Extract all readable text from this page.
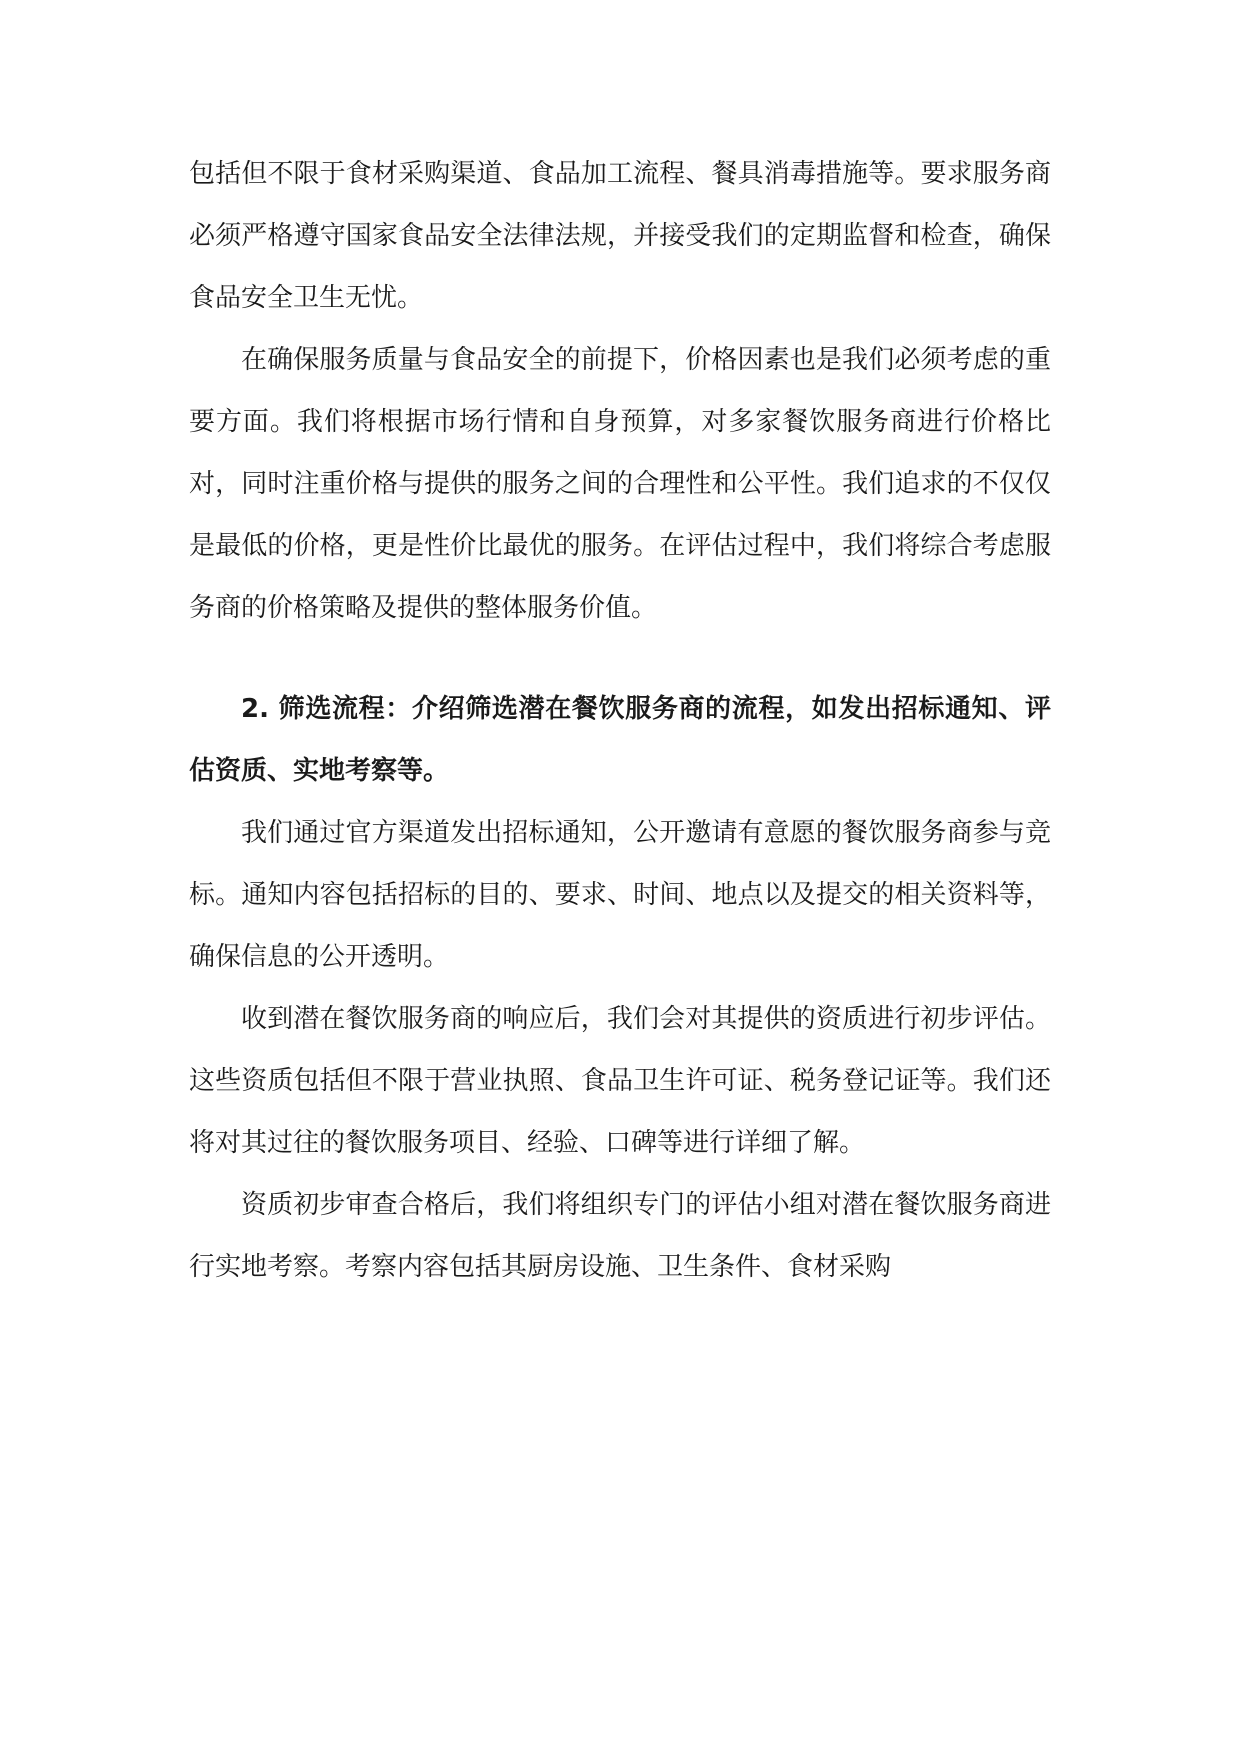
包括但不限于食材采购渠道、食品加工流程、餐具消毒措施等。要求服务商必须严格遵守国家食品安全法律法规，并接受我们的定期监督和检查，确保食品安全卫生无忧。

在确保服务质量与食品安全的前提下，价格因素也是我们必须考虑的重要方面。我们将根据市场行情和自身预算，对多家餐饮服务商进行价格比对，同时注重价格与提供的服务之间的合理性和公平性。我们追求的不仅仅是最低的价格，更是性价比最优的服务。在评估过程中，我们将综合考虑服务商的价格策略及提供的整体服务价值。

2. 筛选流程：介绍筛选潜在餐饮服务商的流程，如发出招标通知、评估资质、实地考察等。

我们通过官方渠道发出招标通知，公开邀请有意愿的餐饮服务商参与竞标。通知内容包括招标的目的、要求、时间、地点以及提交的相关资料等，确保信息的公开透明。

收到潜在餐饮服务商的响应后，我们会对其提供的资质进行初步评估。这些资质包括但不限于营业执照、食品卫生许可证、税务登记证等。我们还将对其过往的餐饮服务项目、经验、口碑等进行详细了解。

资质初步审查合格后，我们将组织专门的评估小组对潜在餐饮服务商进行实地考察。考察内容包括其厨房设施、卫生条件、食材采购
